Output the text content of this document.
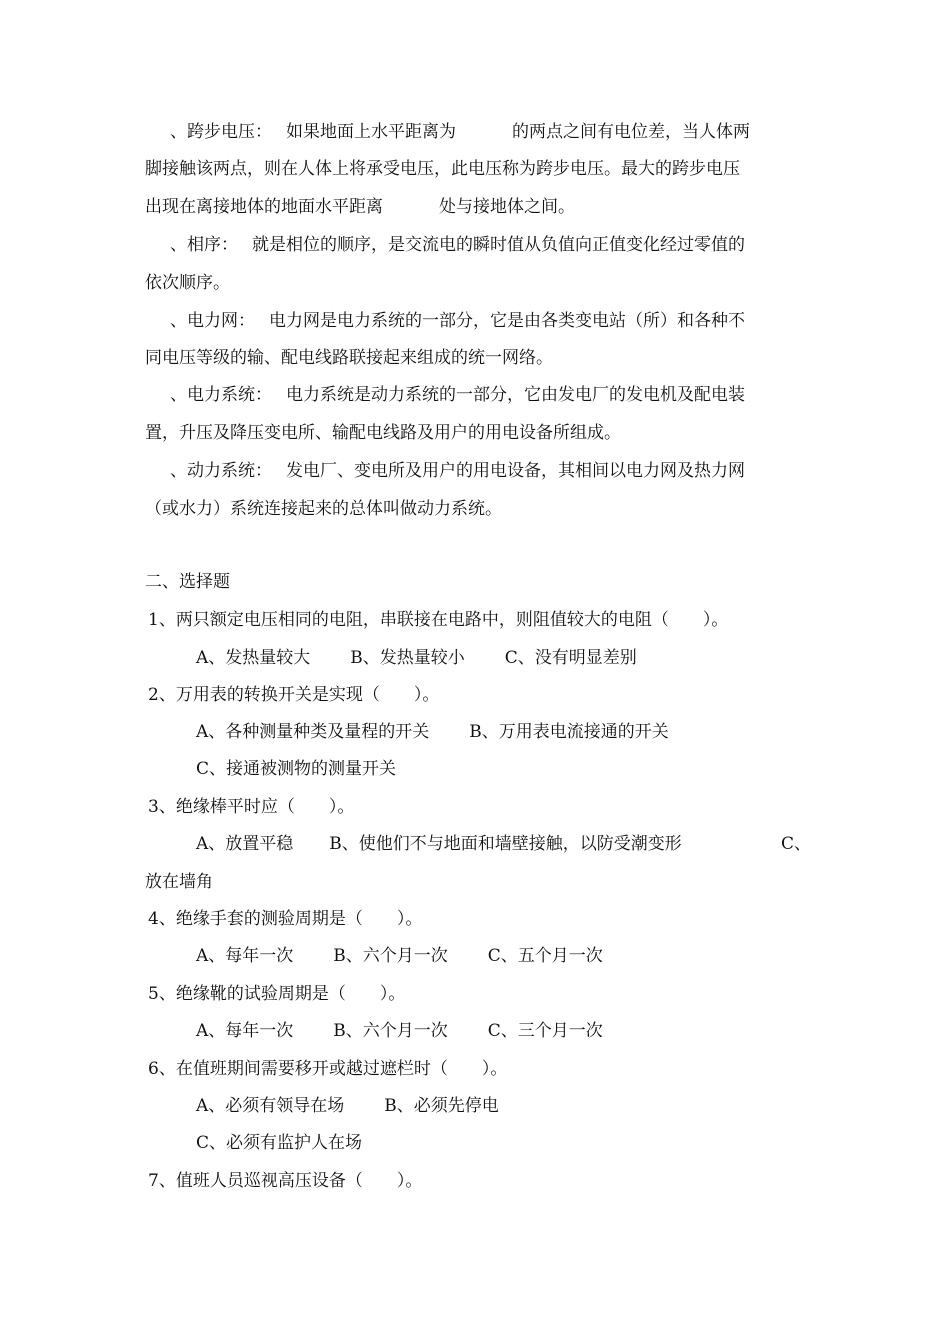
、跨步电压： 如果地面上水平距离为	的两点之间有电位差，当人体两
脚接触该两点，则在人体上将承受电压，此电压称为跨步电压。最大的跨步电压
出现在离接地体的地面水平距离	处与接地体之间。
、相序： 就是相位的顺序，是交流电的瞬时值从负值向正值变化经过零值的
依次顺序。
、电力网： 电力网是电力系统的一部分，它是由各类变电站（所）和各种不
同电压等级的输、配电线路联接起来组成的统一网络。
、电力系统： 电力系统是动力系统的一部分，它由发电厂的发电机及配电装
置，升压及降压变电所、输配电线路及用户的用电设备所组成。
、动力系统： 发电厂、变电所及用户的用电设备，其相间以电力网及热力网
（或水力）系统连接起来的总体叫做动力系统。
二、选择题
1、两只额定电压相同的电阻，串联接在电路中，则阻值较大的电阻（　　）。
A、发热量较大 B、发热量较小 C、没有明显差别
2、万用表的转换开关是实现（　　）。
A、各种测量种类及量程的开关 B、万用表电流接通的开关
C、接通被测物的测量开关
3、绝缘棒平时应（　　）。
A、放置平稳 B、使他们不与地面和墙壁接触，以防受潮变形	C、
放在墙角
4、绝缘手套的测验周期是（　　）。
A、每年一次 B、六个月一次 C、五个月一次
5、绝缘靴的试验周期是（　　）。
A、每年一次 B、六个月一次 C、三个月一次
6、在值班期间需要移开或越过遮栏时（　　）。
A、必须有领导在场 B、必须先停电
C、必须有监护人在场
7、值班人员巡视高压设备（　　）。
